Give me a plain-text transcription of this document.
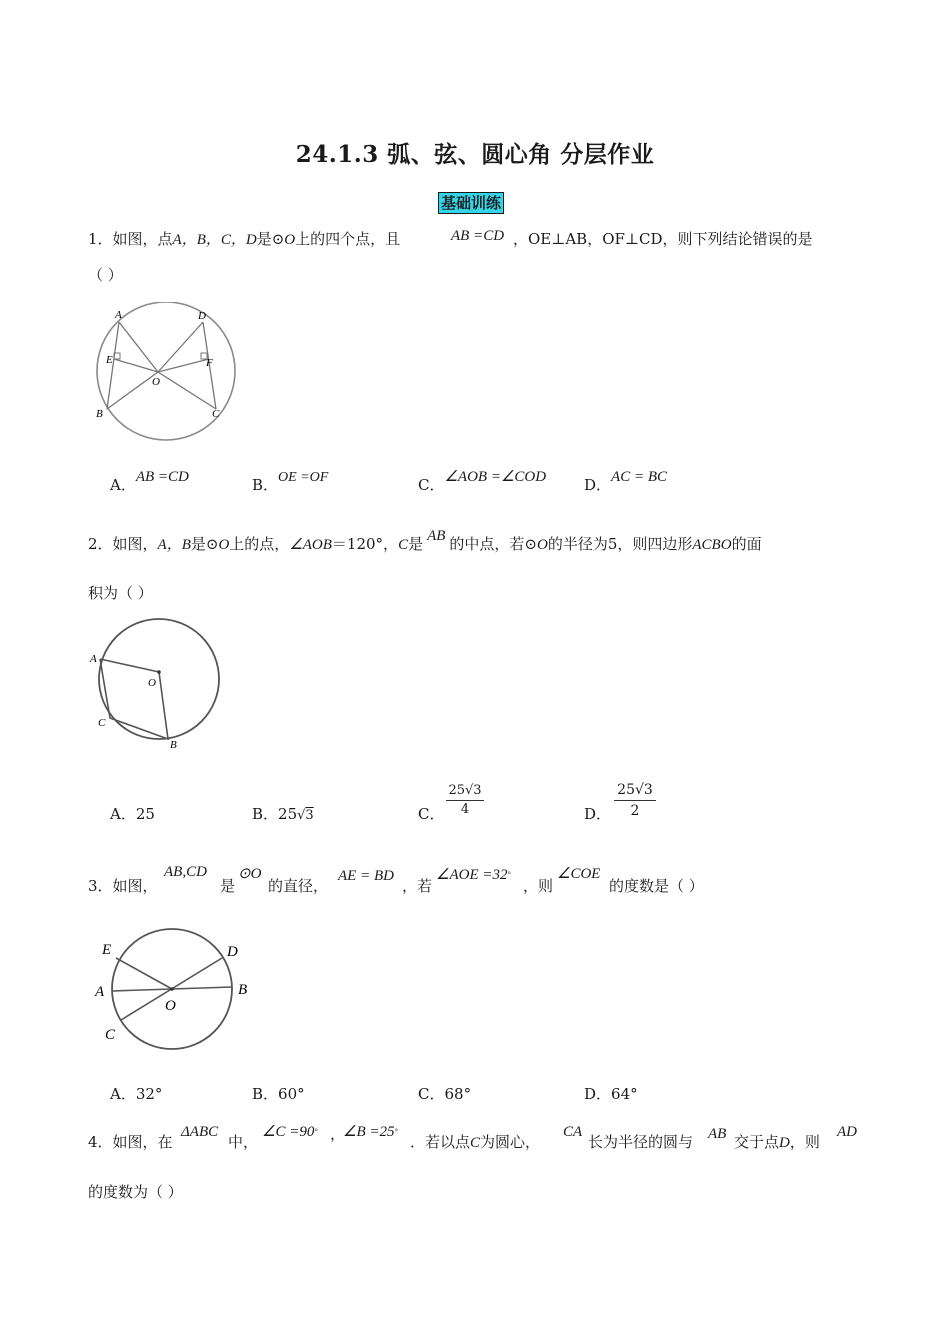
24.1.3 弧、弦、圆心角 分层作业
基础训练
1．如图，点A，B，C，D是⊙O上的四个点，且	AB =CD ，OE⊥AB，OF⊥CD，则下列结论错误的是
（ ）
A	D
E	F
O
B	C
A．AB =CD	B．OE =OF	C．∠AOB =∠COD	D．AC = BC
2．如图，A，B是⊙O上的点，∠AOB＝120°，C是 AB 的中点，若⊙O的半径为5，则四边形ACBO的面
积为（ ）
A
O
C
B
A．25	B．25√3	C． $\frac{25√3}{4}$	D． $\frac{25√3}{2}$
3．如图，
AB,CD
是
⊙O
的直径，
AE = BD
，若
∠AOE =32°
，则
∠COE
的度数是（ ）
E	D
A
O
B
C
A．32°	B．60°	C．68°	D．64°
4．如图，在
ΔABC
中，
∠C =90° ，
∠B =25°
．若以点C为圆心，
CA
长为半径的圆与 AB 交于点D，则
AD
的度数为（ ）
